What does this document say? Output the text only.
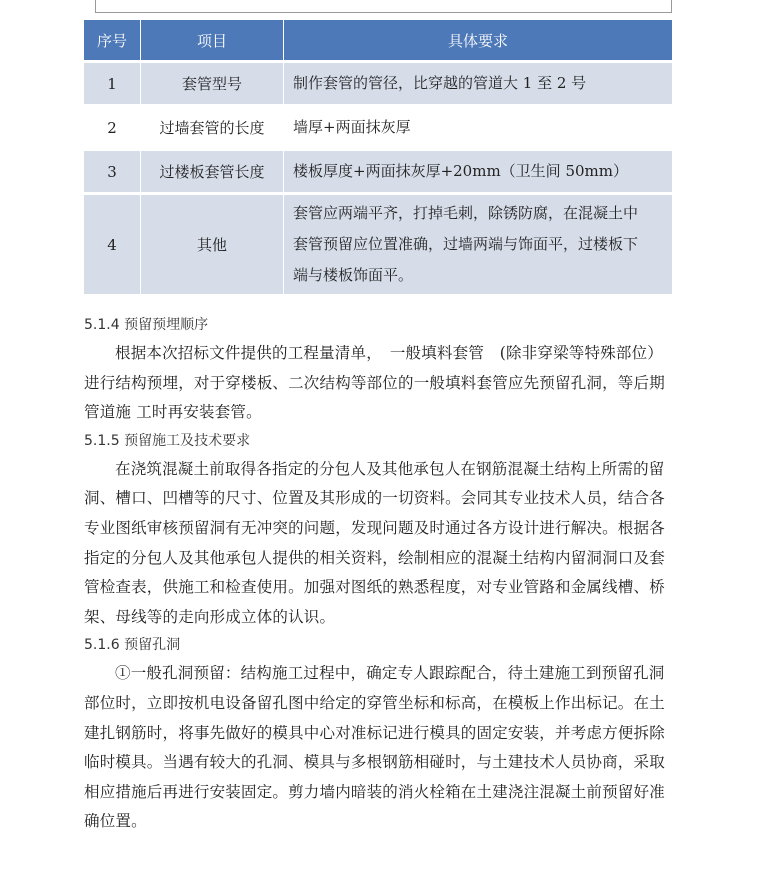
序号	项目	具体要求
1	套管型号	制作套管的管径，比穿越的管道大 1 至 2 号
2	过墙套管的长度	墙厚+两面抹灰厚
3	过楼板套管长度	楼板厚度+两面抹灰厚+20mm（卫生间 50mm）
4	其他	套管应两端平齐，打掉毛刺，除锈防腐，在混凝土中
套管预留应位置准确，过墙两端与饰面平，过楼板下
端与楼板饰面平。
5.1.4 预留预埋顺序

根据本次招标文件提供的工程量清单，　一般填料套管　(除非穿梁等特殊部位）进行结构预埋，对于穿楼板、二次结构等部位的一般填料套管应先预留孔洞，等后期管道施 工时再安装套管。

5.1.5 预留施工及技术要求

在浇筑混凝土前取得各指定的分包人及其他承包人在钢筋混凝土结构上所需的留洞、槽口、凹槽等的尺寸、位置及其形成的一切资料。会同其专业技术人员，结合各专业图纸审核预留洞有无冲突的问题，发现问题及时通过各方设计进行解决。根据各指定的分包人及其他承包人提供的相关资料，绘制相应的混凝土结构内留洞洞口及套管检查表，供施工和检查使用。加强对图纸的熟悉程度，对专业管路和金属线槽、桥架、母线等的走向形成立体的认识。

5.1.6 预留孔洞

①一般孔洞预留：结构施工过程中，确定专人跟踪配合，待土建施工到预留孔洞部位时，立即按机电设备留孔图中给定的穿管坐标和标高，在模板上作出标记。在土建扎钢筋时，将事先做好的模具中心对准标记进行模具的固定安装，并考虑方便拆除临时模具。当遇有较大的孔洞、模具与多根钢筋相碰时，与土建技术人员协商，采取相应措施后再进行安装固定。剪力墙内暗装的消火栓箱在土建浇注混凝土前预留好准确位置。
